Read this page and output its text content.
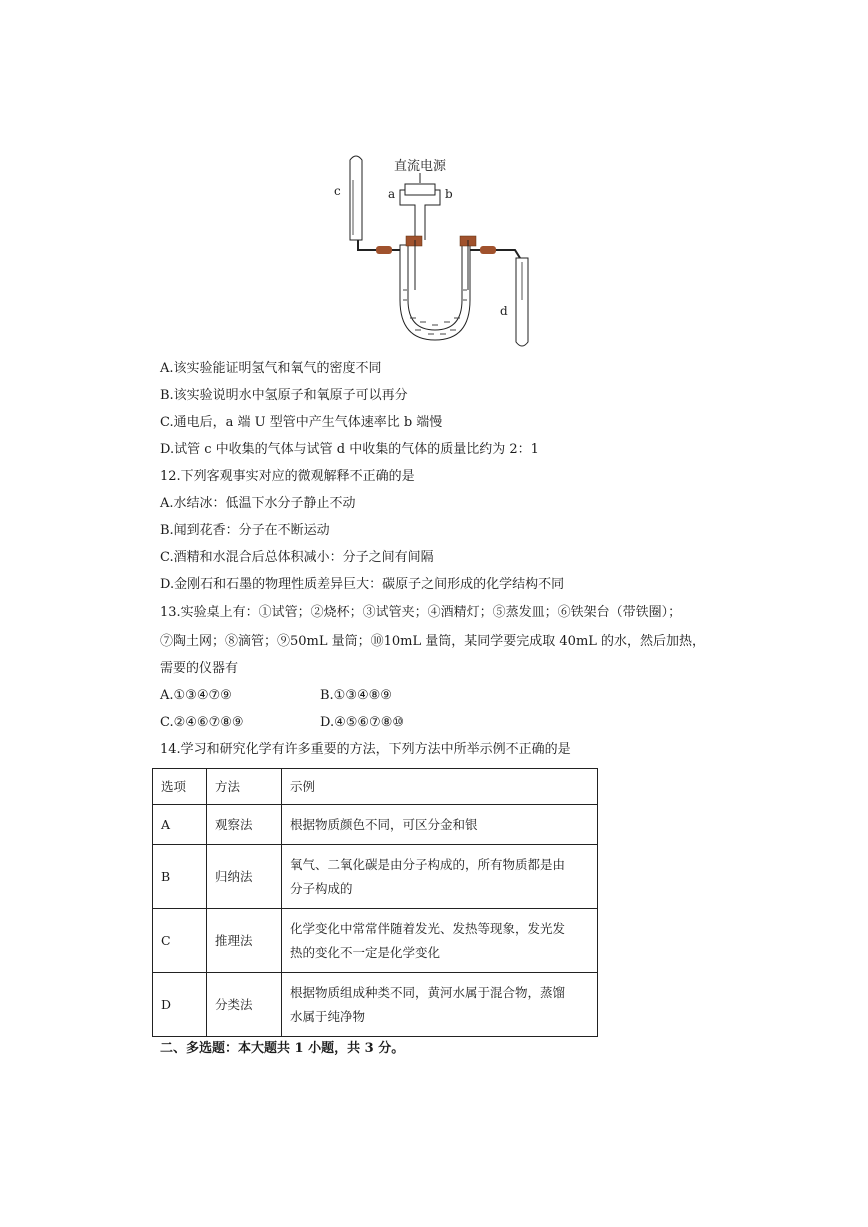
直流电源
a	b
c
d
A.该实验能证明氢气和氧气的密度不同
B.该实验说明水中氢原子和氧原子可以再分
C.通电后，a 端 U 型管中产生气体速率比 b 端慢
D.试管 c 中收集的气体与试管 d 中收集的气体的质量比约为 2：1
12.下列客观事实对应的微观解释不正确的是
A.水结冰：低温下水分子静止不动
B.闻到花香：分子在不断运动
C.酒精和水混合后总体积减小：分子之间有间隔
D.金刚石和石墨的物理性质差异巨大：碳原子之间形成的化学结构不同
13.实验桌上有：①试管；②烧杯；③试管夹；④酒精灯；⑤蒸发皿；⑥铁架台（带铁圈）；
⑦陶土网；⑧滴管；⑨50mL 量筒；⑩10mL 量筒，某同学要完成取 40mL 的水，然后加热，
需要的仪器有
A.①③④⑦⑨	B.①③④⑧⑨
C.②④⑥⑦⑧⑨	D.④⑤⑥⑦⑧⑩
14.学习和研究化学有许多重要的方法，下列方法中所举示例不正确的是
选项	方法	示例
A	观察法	根据物质颜色不同，可区分金和银
B	归纳法	氧气、二氧化碳是由分子构成的，所有物质都是由
分子构成的

C	推理法	化学变化中常常伴随着发光、发热等现象，发光发
热的变化不一定是化学变化

D	分类法	根据物质组成种类不同，黄河水属于混合物，蒸馏
水属于纯净物
二、多选题：本大题共 1 小题，共 3 分。
